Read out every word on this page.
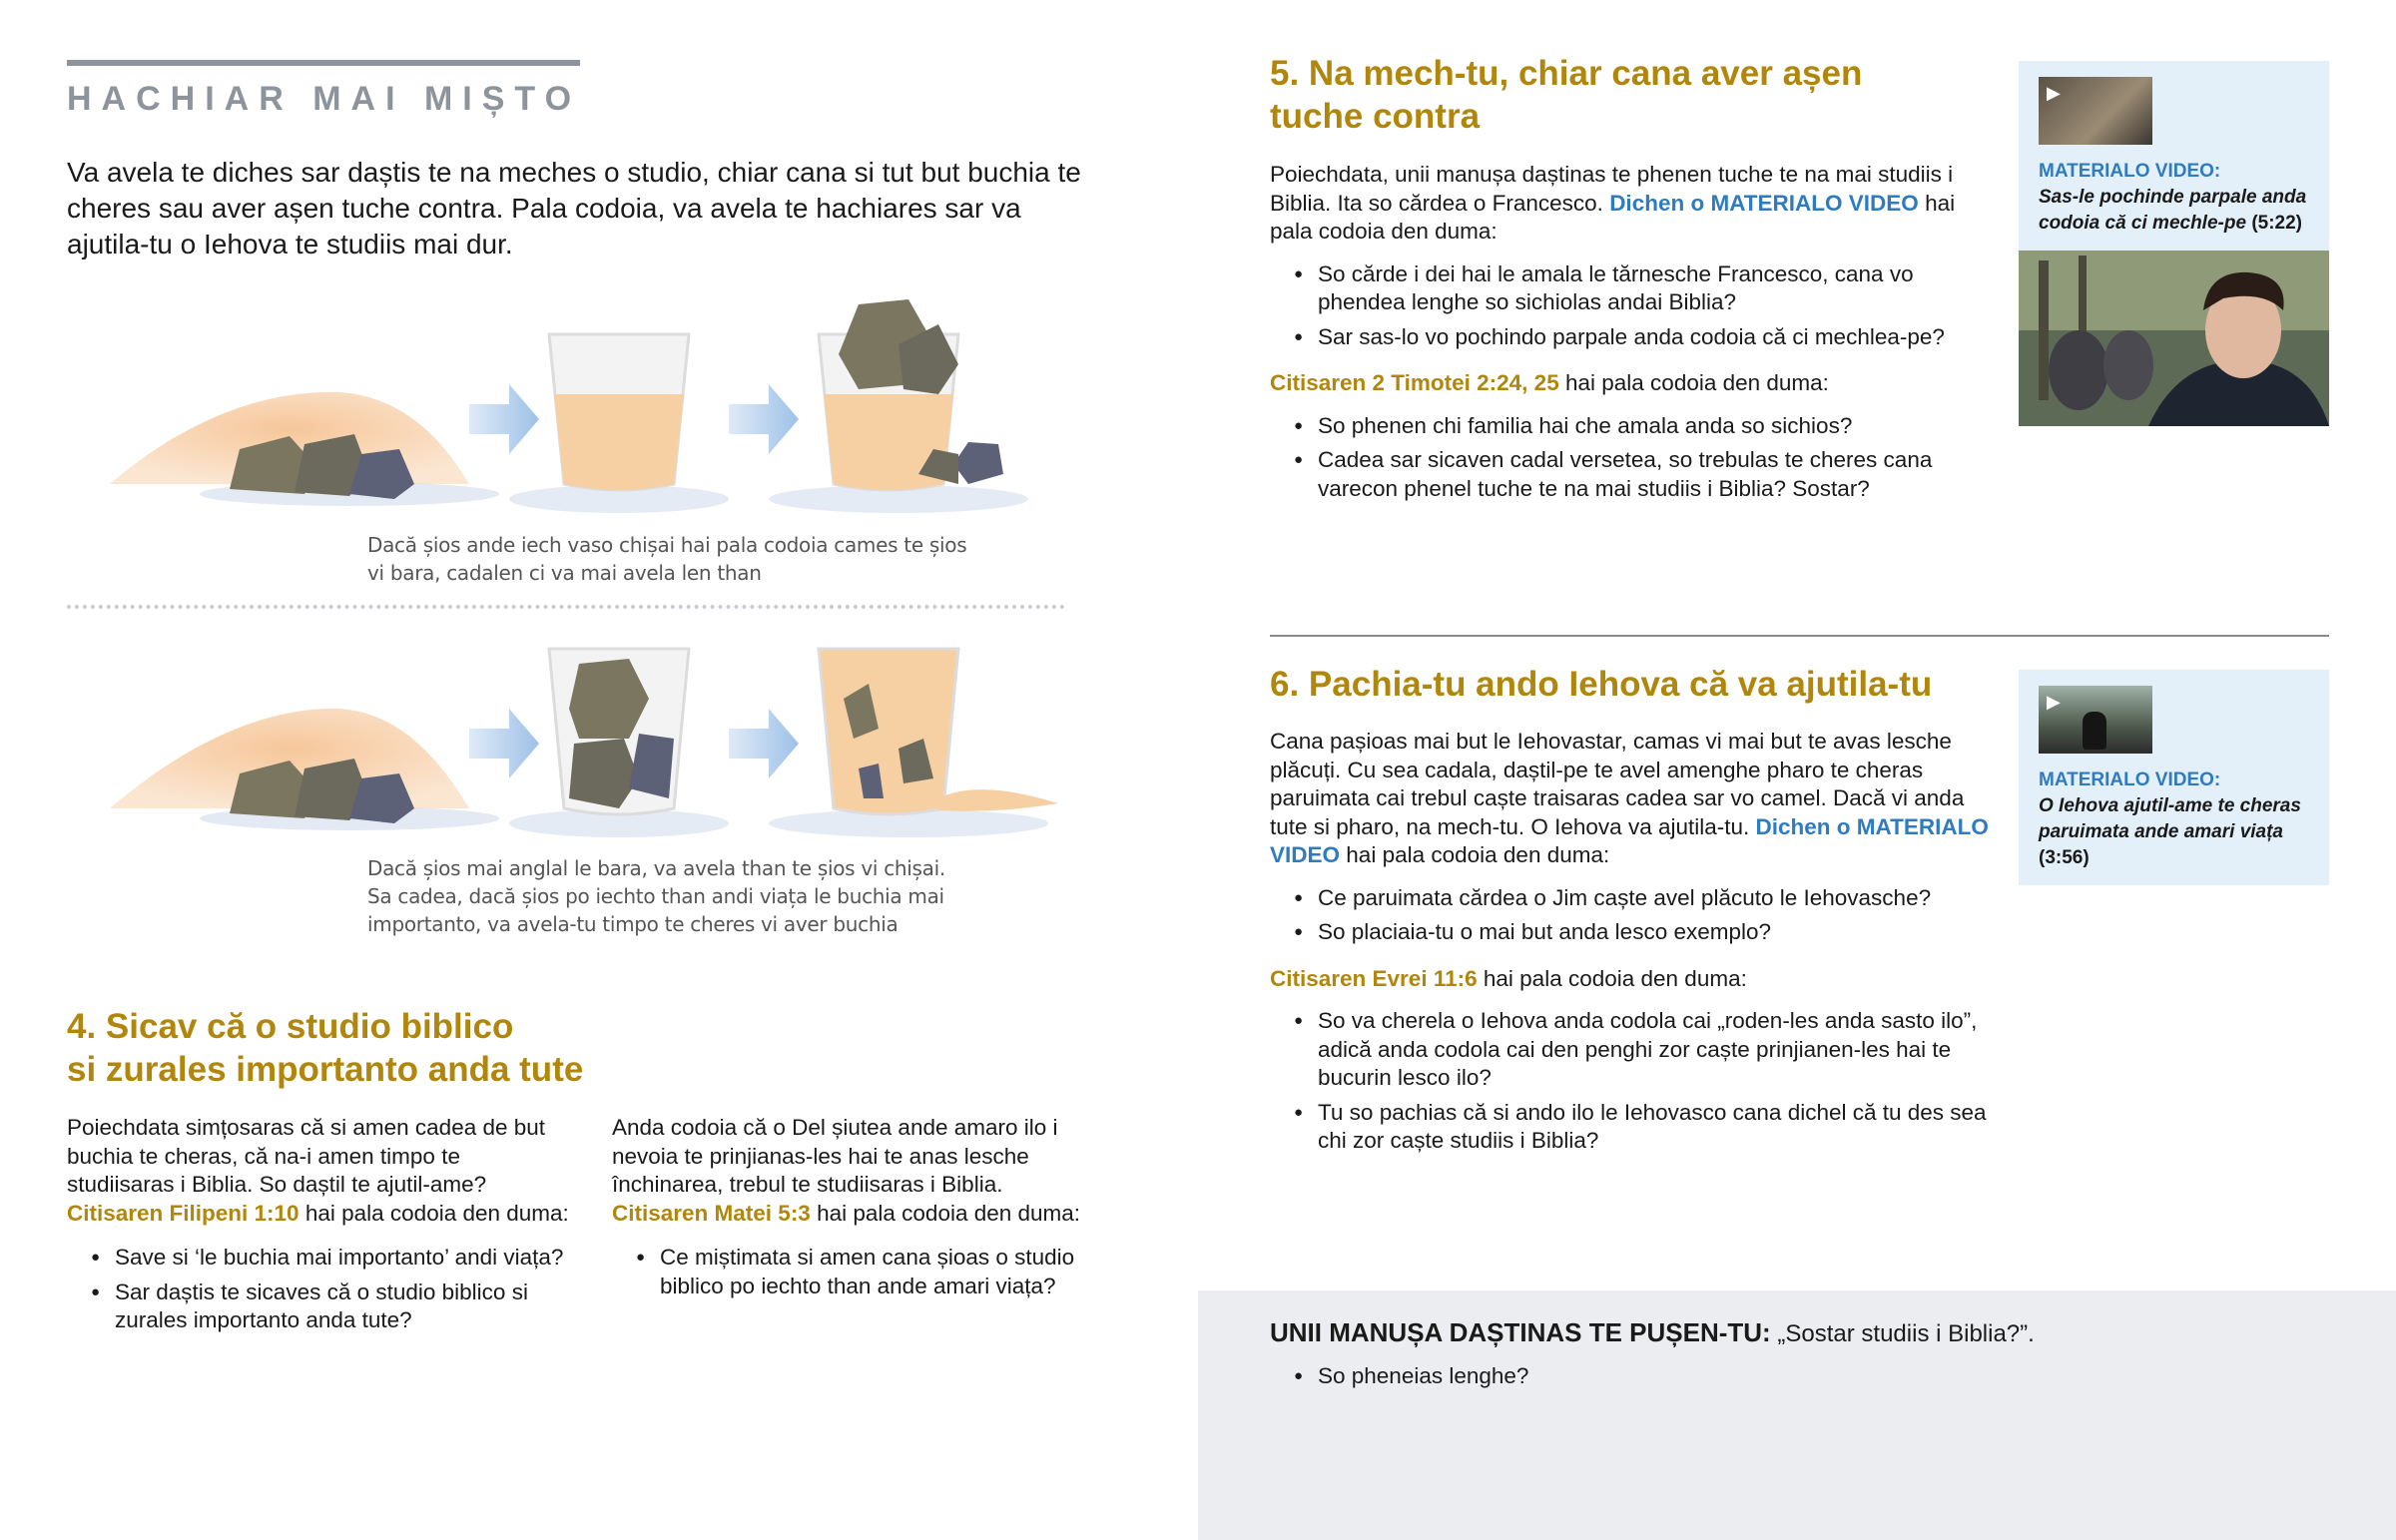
HACHIAR MAI MIȘTO
Va avela te diches sar daștis te na meches o studio, chiar cana si tut but buchia te cheres sau aver așen tuche contra. Pala codoia, va avela te hachiares sar va ajutila-tu o Iehova te studiis mai dur.
Dacă șios ande iech vaso chișai hai pala codoia cames te șios
vi bara, cadalen ci va mai avela len than
Dacă șios mai anglal le bara, va avela than te șios vi chișai.
Sa cadea, dacă șios po iechto than andi viața le buchia mai
importanto, va avela-tu timpo te cheres vi aver buchia
4. Sicav că o studio biblico
si zurales importanto anda tute
Poiechdata simțosaras că si amen cadea de but buchia te cheras, că na-i amen timpo te studiisaras i Biblia. So daștil te ajutil-ame? Citisaren Filipeni 1:10 hai pala codoia den duma:
● Save si ‘le buchia mai importanto’ andi viața?
● Sar daștis te sicaves că o studio biblico si zurales importanto anda tute?
Anda codoia că o Del șiutea ande amaro ilo i nevoia te prinjianas-les hai te anas lesche închinarea, trebul te studiisaras i Biblia. Citisaren Matei 5:3 hai pala codoia den duma:
● Ce miștimata si amen cana șioas o studio biblico po iechto than ande amari viața?
5. Na mech-tu, chiar cana aver așen
tuche contra
Poiechdata, unii manușa daștinas te phenen tuche te na mai studiis i Biblia. Ita so cărdea o Francesco. Dichen o MATERIALO VIDEO hai pala codoia den duma:
● So cărde i dei hai le amala le tărnesche Francesco, cana vo phendea lenghe so sichiolas andai Biblia?
● Sar sas-lo vo pochindo parpale anda codoia că ci mechlea-pe?
Citisaren 2 Timotei 2:24, 25 hai pala codoia den duma:
● So phenen chi familia hai che amala anda so sichios?
● Cadea sar sicaven cadal versetea, so trebulas te cheres cana varecon phenel tuche te na mai studiis i Biblia? Sostar?
▶
MATERIALO VIDEO:
Sas-le pochinde parpale anda codoia că ci mechle-pe (5:22)
6. Pachia-tu ando Iehova că va ajutila-tu
Cana pașioas mai but le Iehovastar, camas vi mai but te avas lesche plăcuți. Cu sea cadala, daștil-pe te avel amenghe pharo te cheras paruimata cai trebul caște traisaras cadea sar vo camel. Dacă vi anda tute si pharo, na mech-tu. O Iehova va ajutila-tu. Dichen o MATERIALO VIDEO hai pala codoia den duma:
● Ce paruimata cărdea o Jim caște avel plăcuto le Iehovasche?
● So placiaia-tu o mai but anda lesco exemplo?
Citisaren Evrei 11:6 hai pala codoia den duma:
● So va cherela o Iehova anda codola cai „roden-les anda sasto ilo”, adică anda codola cai den penghi zor caște prinjianen-les hai te bucurin lesco ilo?
● Tu so pachias că si ando ilo le Iehovasco cana dichel că tu des sea chi zor caște studiis i Biblia?
▶
MATERIALO VIDEO:
O Iehova ajutil-ame te cheras paruimata ande amari viața (3:56)
UNII MANUȘA DAȘTINAS TE PUȘEN-TU: „Sostar studiis i Biblia?”.
● So pheneias lenghe?
